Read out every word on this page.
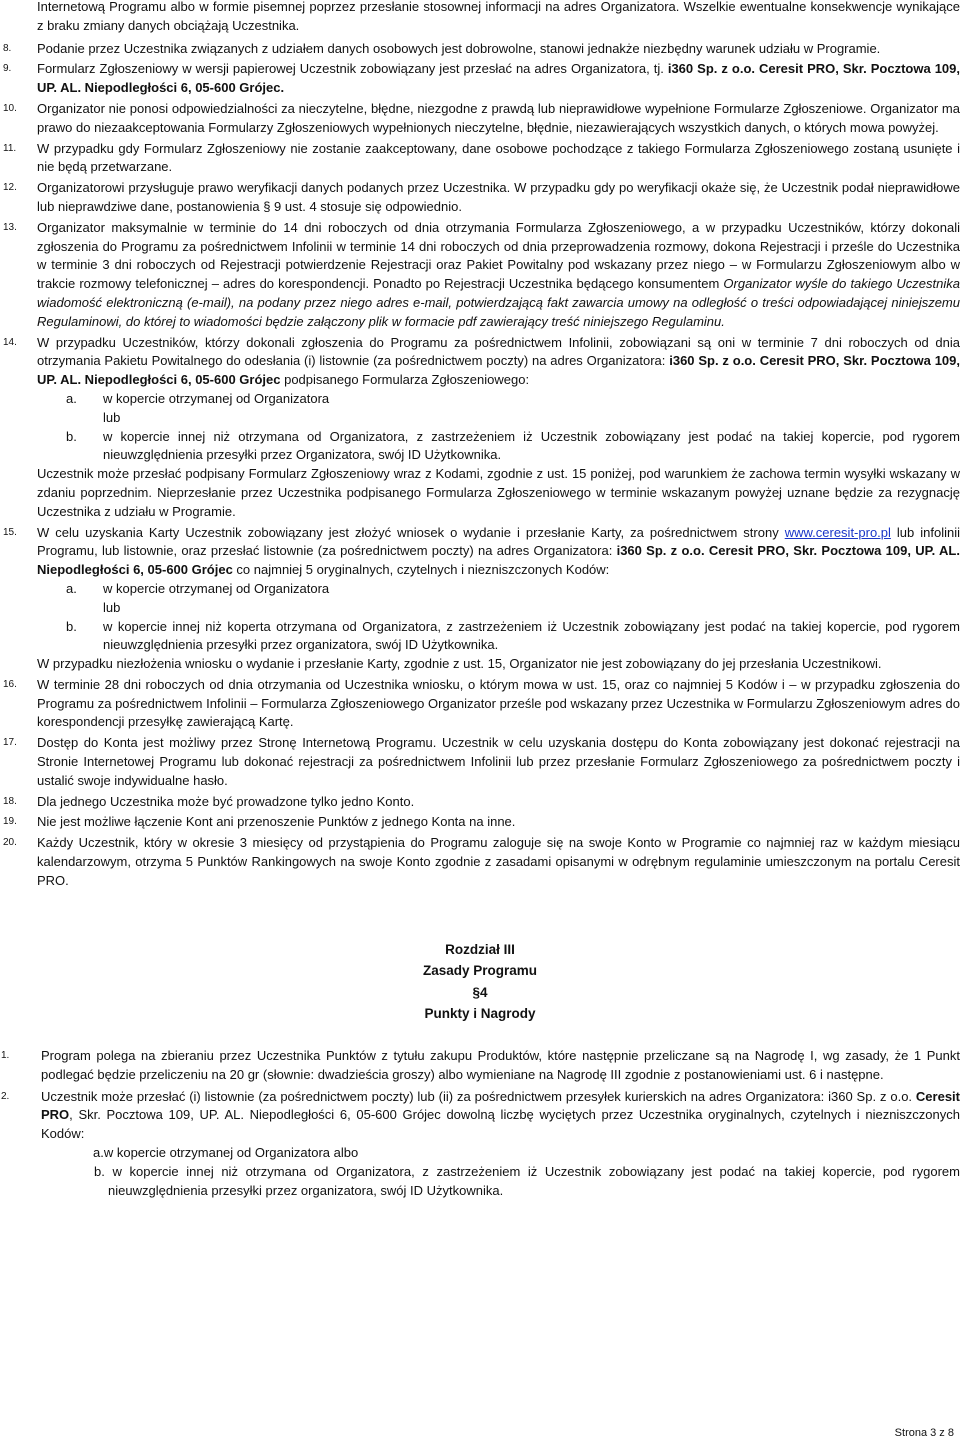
Internetową Programu albo w formie pisemnej poprzez przesłanie stosownej informacji na adres Organizatora. Wszelkie ewentualne konsekwencje wynikające z braku zmiany danych obciążają Uczestnika.
8. Podanie przez Uczestnika związanych z udziałem danych osobowych jest dobrowolne, stanowi jednakże niezbędny warunek udziału w Programie.
9. Formularz Zgłoszeniowy w wersji papierowej Uczestnik zobowiązany jest przesłać na adres Organizatora, tj. i360 Sp. z o.o. Ceresit PRO, Skr. Pocztowa 109, UP. AL. Niepodległości 6, 05-600 Grójec.
10. Organizator nie ponosi odpowiedzialności za nieczytelne, błędne, niezgodne z prawdą lub nieprawidłowe wypełnione Formularze Zgłoszeniowe. Organizator ma prawo do niezaakceptowania Formularzy Zgłoszeniowych wypełnionych nieczytelne, błędnie, niezawierających wszystkich danych, o których mowa powyżej.
11. W przypadku gdy Formularz Zgłoszeniowy nie zostanie zaakceptowany, dane osobowe pochodzące z takiego Formularza Zgłoszeniowego zostaną usunięte i nie będą przetwarzane.
12. Organizatorowi przysługuje prawo weryfikacji danych podanych przez Uczestnika. W przypadku gdy po weryfikacji okaże się, że Uczestnik podał nieprawidłowe lub nieprawdziwe dane, postanowienia § 9 ust. 4 stosuje się odpowiednio.
13. Organizator maksymalnie w terminie do 14 dni roboczych od dnia otrzymania Formularza Zgłoszeniowego, a w przypadku Uczestników, którzy dokonali zgłoszenia do Programu za pośrednictwem Infolinii w terminie 14 dni roboczych od dnia przeprowadzenia rozmowy, dokona Rejestracji i prześle do Uczestnika w terminie 3 dni roboczych od Rejestracji potwierdzenie Rejestracji oraz Pakiet Powitalny pod wskazany przez niego – w Formularzu Zgłoszeniowym albo w trakcie rozmowy telefonicznej – adres do korespondencji. Ponadto po Rejestracji Uczestnika będącego konsumentem Organizator wyśle do takiego Uczestnika wiadomość elektroniczną (e-mail), na podany przez niego adres e-mail, potwierdzającą fakt zawarcia umowy na odległość o treści odpowiadającej niniejszemu Regulaminowi, do której to wiadomości będzie załączony plik w formacie pdf zawierający treść niniejszego Regulaminu.
14. W przypadku Uczestników, którzy dokonali zgłoszenia do Programu za pośrednictwem Infolinii, zobowiązani są oni w terminie 7 dni roboczych od dnia otrzymania Pakietu Powitalnego do odesłania (i) listownie (za pośrednictwem poczty) na adres Organizatora: i360 Sp. z o.o. Ceresit PRO, Skr. Pocztowa 109, UP. AL. Niepodległości 6, 05-600 Grójec podpisanego Formularza Zgłoszeniowego:
a. w kopercie otrzymanej od Organizatora
lub
b. w kopercie innej niż otrzymana od Organizatora, z zastrzeżeniem iż Uczestnik zobowiązany jest podać na takiej kopercie, pod rygorem nieuwzględnienia przesyłki przez Organizatora, swój ID Użytkownika.
Uczestnik może przesłać podpisany Formularz Zgłoszeniowy wraz z Kodami, zgodnie z ust. 15 poniżej, pod warunkiem że zachowa termin wysyłki wskazany w zdaniu poprzednim. Nieprzesłanie przez Uczestnika podpisanego Formularza Zgłoszeniowego w terminie wskazanym powyżej uznane będzie za rezygnację Uczestnika z udziału w Programie.
15. W celu uzyskania Karty Uczestnik zobowiązany jest złożyć wniosek o wydanie i przesłanie Karty, za pośrednictwem strony www.ceresit-pro.pl lub infolinii Programu, lub listownie, oraz przesłać listownie (za pośrednictwem poczty) na adres Organizatora: i360 Sp. z o.o. Ceresit PRO, Skr. Pocztowa 109, UP. AL. Niepodległości 6, 05-600 Grójec co najmniej 5 oryginalnych, czytelnych i niezniszczonych Kodów:
a. w kopercie otrzymanej od Organizatora
lub
b. w kopercie innej niż koperta otrzymana od Organizatora, z zastrzeżeniem iż Uczestnik zobowiązany jest podać na takiej kopercie, pod rygorem nieuwzględnienia przesyłki przez organizatora, swój ID Użytkownika.
W przypadku niezłożenia wniosku o wydanie i przesłanie Karty, zgodnie z ust. 15, Organizator nie jest zobowiązany do jej przesłania Uczestnikowi.
16. W terminie 28 dni roboczych od dnia otrzymania od Uczestnika wniosku, o którym mowa w ust. 15, oraz co najmniej 5 Kodów i – w przypadku zgłoszenia do Programu za pośrednictwem Infolinii – Formularza Zgłoszeniowego Organizator prześle pod wskazany przez Uczestnika w Formularzu Zgłoszeniowym adres do korespondencji przesyłkę zawierającą Kartę.
17. Dostęp do Konta jest możliwy przez Stronę Internetową Programu. Uczestnik w celu uzyskania dostępu do Konta zobowiązany jest dokonać rejestracji na Stronie Internetowej Programu lub dokonać rejestracji za pośrednictwem Infolinii lub przez przesłanie Formularz Zgłoszeniowego za pośrednictwem poczty i ustalić swoje indywidualne hasło.
18. Dla jednego Uczestnika może być prowadzone tylko jedno Konto.
19. Nie jest możliwe łączenie Kont ani przenoszenie Punktów z jednego Konta na inne.
20. Każdy Uczestnik, który w okresie 3 miesięcy od przystąpienia do Programu zaloguje się na swoje Konto w Programie co najmniej raz w każdym miesiącu kalendarzowym, otrzyma 5 Punktów Rankingowych na swoje Konto zgodnie z zasadami opisanymi w odrębnym regulaminie umieszczonym na portalu Ceresit PRO.
Rozdział III
Zasady Programu
§4
Punkty i Nagrody
1. Program polega na zbieraniu przez Uczestnika Punktów z tytułu zakupu Produktów, które następnie przeliczane są na Nagrodę I, wg zasady, że 1 Punkt podlegać będzie przeliczeniu na 20 gr (słownie: dwadzieścia groszy) albo wymieniane na Nagrodę III zgodnie z postanowieniami ust. 6 i następne.
2. Uczestnik może przesłać (i) listownie (za pośrednictwem poczty) lub (ii) za pośrednictwem przesyłek kurierskich na adres Organizatora: i360 Sp. z o.o. Ceresit PRO, Skr. Pocztowa 109, UP. AL. Niepodległości 6, 05-600 Grójec dowolną liczbę wyciętych przez Uczestnika oryginalnych, czytelnych i niezniszczonych Kodów:
a.w kopercie otrzymanej od Organizatora albo
b. w kopercie innej niż otrzymana od Organizatora, z zastrzeżeniem iż Uczestnik zobowiązany jest podać na takiej kopercie, pod rygorem nieuwzględnienia przesyłki przez organizatora, swój ID Użytkownika.
Strona 3 z 8
